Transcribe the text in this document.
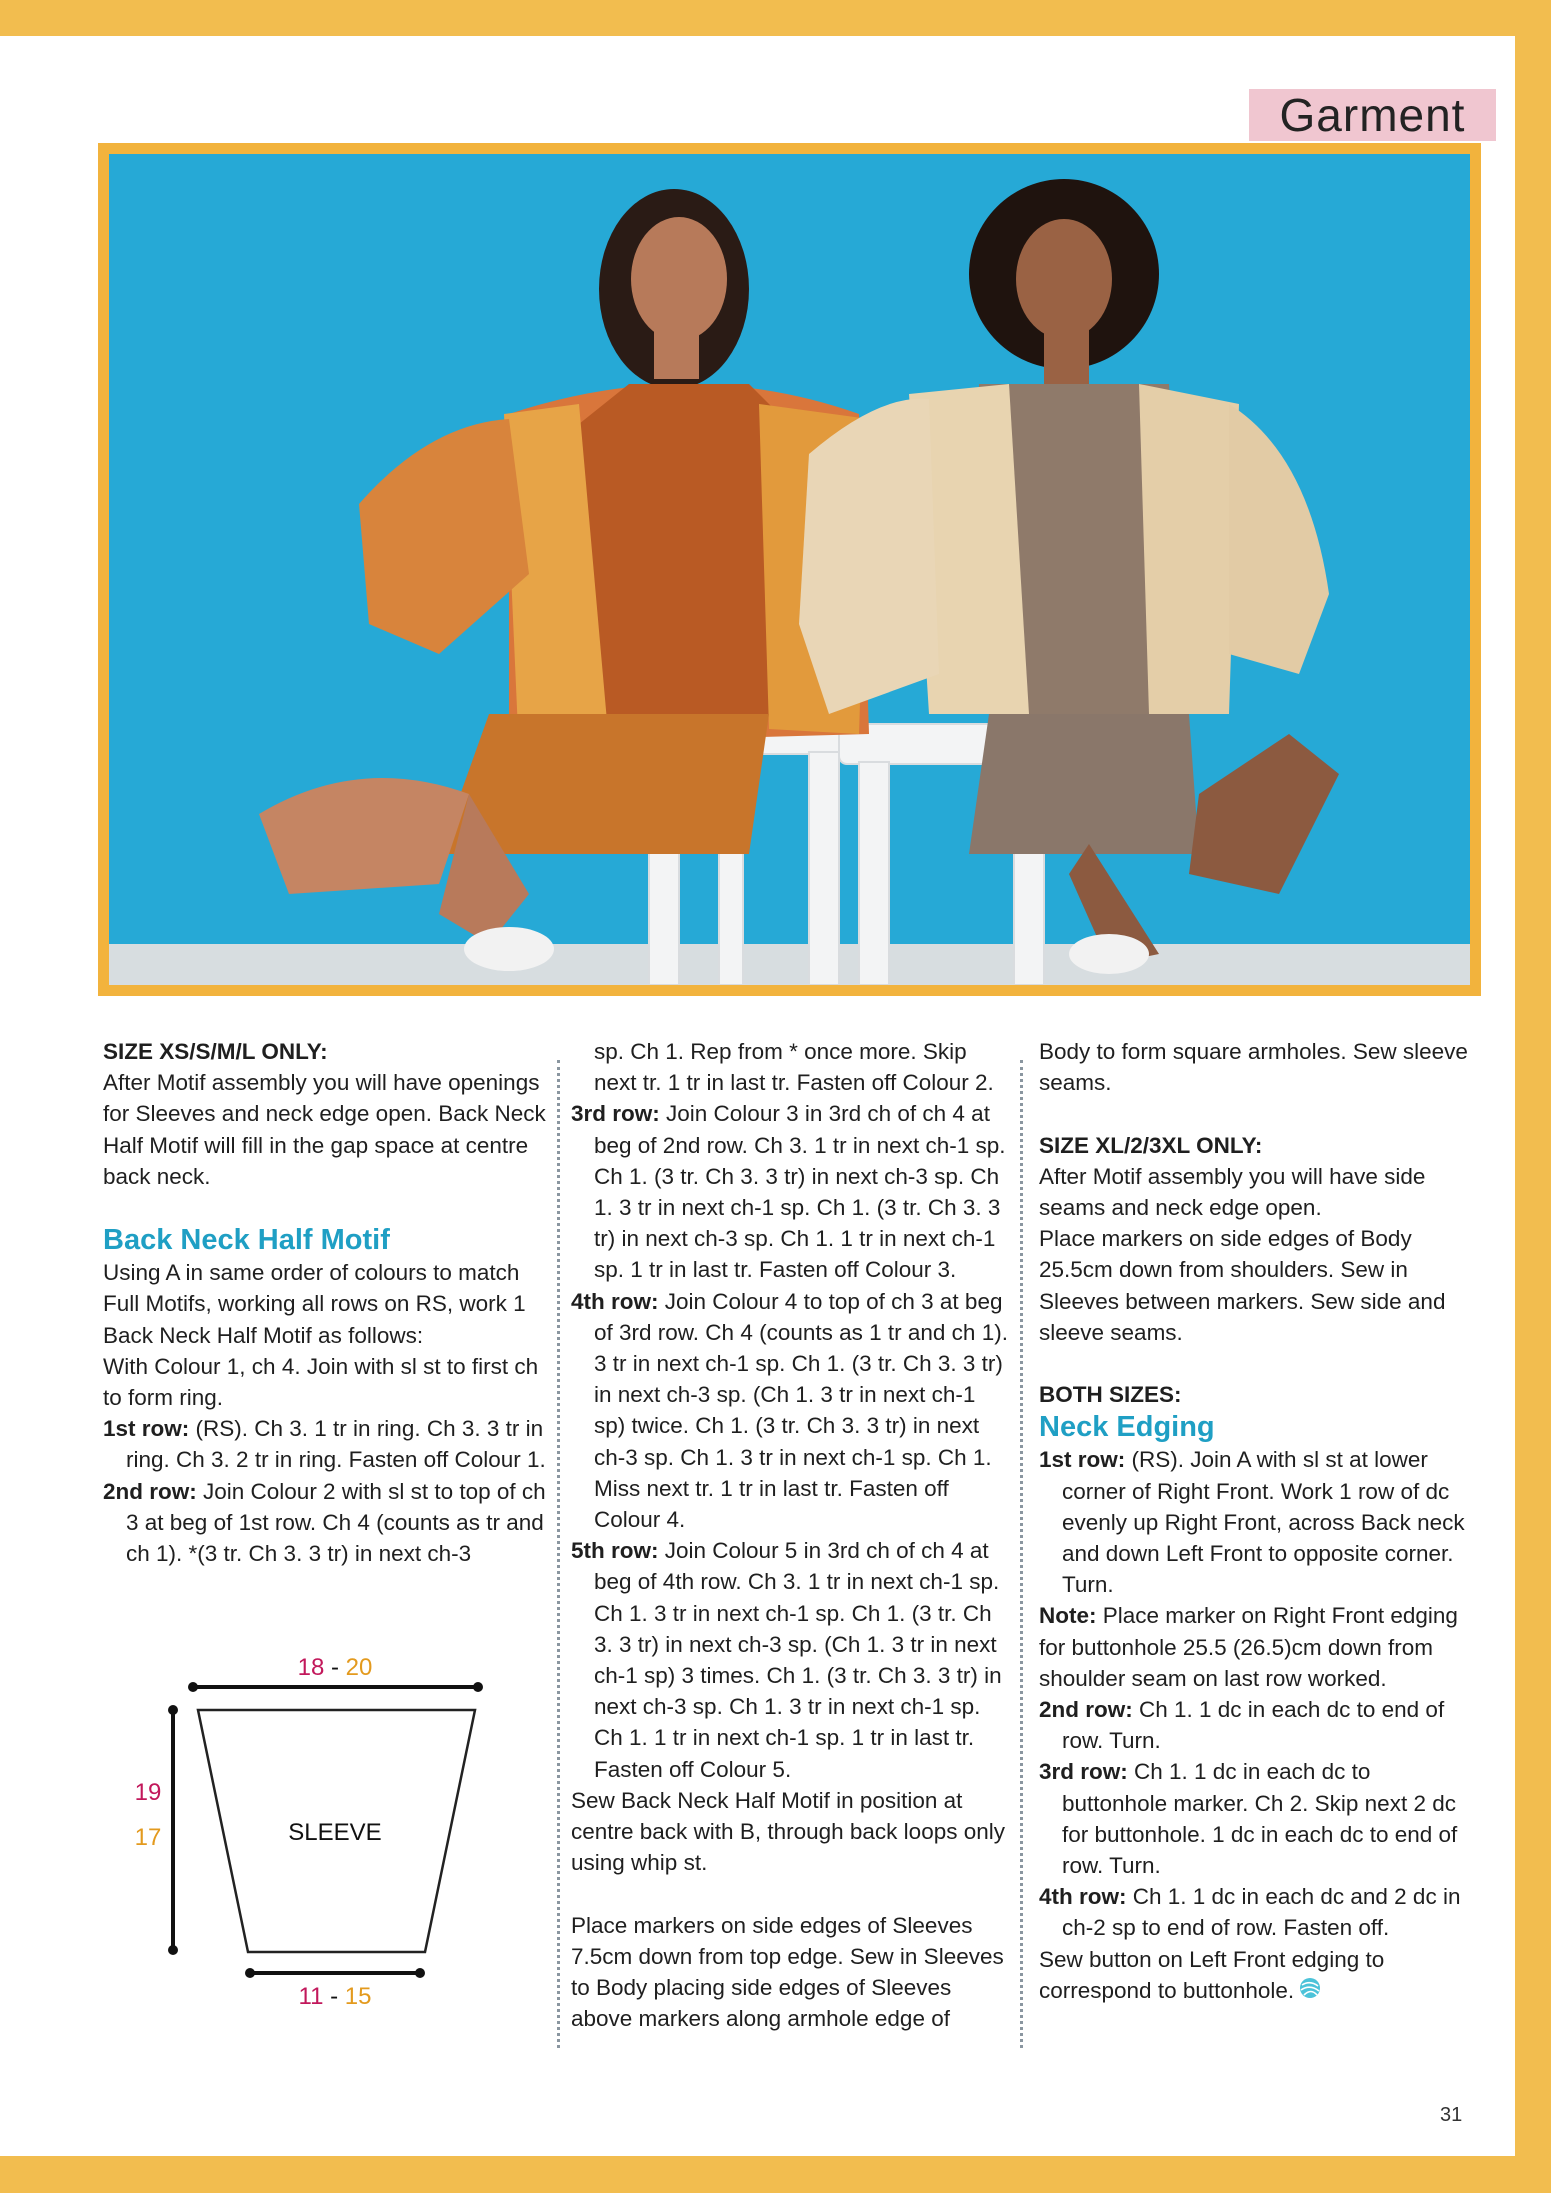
Garment

SIZE XS/S/M/L ONLY:

After Motif assembly you will have openings for Sleeves and neck edge open. Back Neck Half Motif will fill in the gap space at centre back neck.

Back Neck Half Motif

Using A in same order of colours to match Full Motifs, working all rows on RS, work 1 Back Neck Half Motif as follows:

With Colour 1, ch 4. Join with sl st to first ch to form ring.

1st row: (RS). Ch 3. 1 tr in ring. Ch 3. 3 tr in ring. Ch 3. 2 tr in ring. Fasten off Colour 1.

2nd row: Join Colour 2 with sl st to top of ch 3 at beg of 1st row. Ch 4 (counts as tr and ch 1). *(3 tr. Ch 3. 3 tr) in next ch-3

SLEEVE
18 - 20
19
17
11 - 15

sp. Ch 1. Rep from * once more. Skip next tr. 1 tr in last tr. Fasten off Colour 2.

3rd row: Join Colour 3 in 3rd ch of ch 4 at beg of 2nd row. Ch 3. 1 tr in next ch-1 sp. Ch 1. (3 tr. Ch 3. 3 tr) in next ch-3 sp. Ch 1. 3 tr in next ch-1 sp. Ch 1. (3 tr. Ch 3. 3 tr) in next ch-3 sp. Ch 1. 1 tr in next ch-1 sp. 1 tr in last tr. Fasten off Colour 3.

4th row: Join Colour 4 to top of ch 3 at beg of 3rd row. Ch 4 (counts as 1 tr and ch 1). 3 tr in next ch-1 sp. Ch 1. (3 tr. Ch 3. 3 tr) in next ch-3 sp. (Ch 1. 3 tr in next ch-1 sp) twice. Ch 1. (3 tr. Ch 3. 3 tr) in next ch-3 sp. Ch 1. 3 tr in next ch-1 sp. Ch 1. Miss next tr. 1 tr in last tr. Fasten off Colour 4.

5th row: Join Colour 5 in 3rd ch of ch 4 at beg of 4th row. Ch 3. 1 tr in next ch-1 sp. Ch 1. 3 tr in next ch-1 sp. Ch 1. (3 tr. Ch 3. 3 tr) in next ch-3 sp. (Ch 1. 3 tr in next ch-1 sp) 3 times. Ch 1. (3 tr. Ch 3. 3 tr) in next ch-3 sp. Ch 1. 3 tr in next ch-1 sp. Ch 1. 1 tr in next ch-1 sp. 1 tr in last tr. Fasten off Colour 5.

Sew Back Neck Half Motif in position at centre back with B, through back loops only using whip st.

Place markers on side edges of Sleeves 7.5cm down from top edge. Sew in Sleeves to Body placing side edges of Sleeves above markers along armhole edge of

Body to form square armholes. Sew sleeve seams.

SIZE XL/2/3XL ONLY:

After Motif assembly you will have side seams and neck edge open.

Place markers on side edges of Body 25.5cm down from shoulders. Sew in Sleeves between markers. Sew side and sleeve seams.

BOTH SIZES:

Neck Edging

1st row: (RS). Join A with sl st at lower corner of Right Front. Work 1 row of dc evenly up Right Front, across Back neck and down Left Front to opposite corner. Turn.

Note: Place marker on Right Front edging for buttonhole 25.5 (26.5)cm down from shoulder seam on last row worked.

2nd row: Ch 1. 1 dc in each dc to end of row. Turn.

3rd row: Ch 1. 1 dc in each dc to buttonhole marker. Ch 2. Skip next 2 dc for buttonhole. 1 dc in each dc to end of row. Turn.

4th row: Ch 1. 1 dc in each dc and 2 dc in ch-2 sp to end of row. Fasten off.

Sew button on Left Front edging to correspond to buttonhole.

31
